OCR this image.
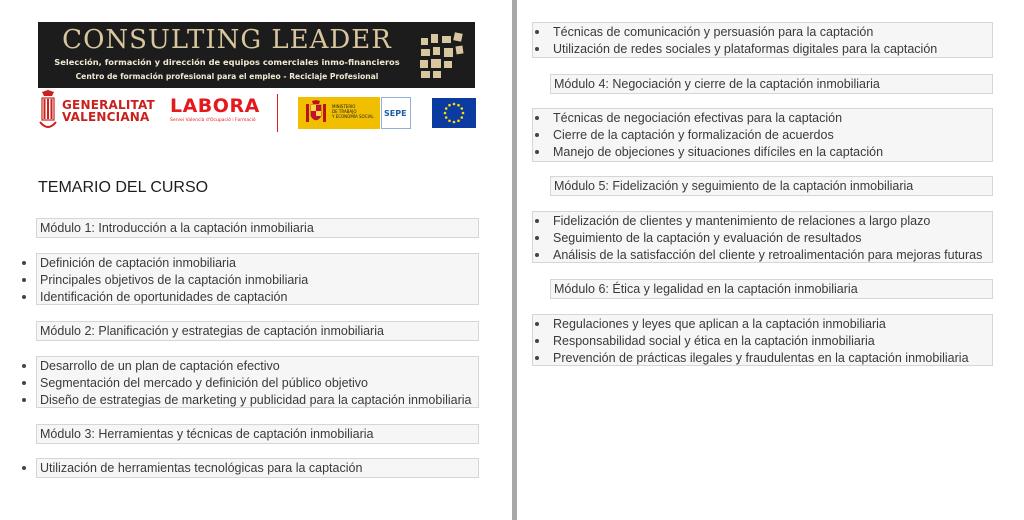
CONSULTING LEADER
Selección, formación y dirección de equipos comerciales inmo-financieros
Centro de formación profesional para el empleo - Reciclaje Profesional
GENERALITAT
VALENCIANA LABORA
Servei Valencià d'Ocupació i Formació
MINISTERIO
DE TRABAJO
Y ECONOMÍA SOCIAL SEPE
TEMARIO DEL CURSO
Módulo 1: Introducción a la captación inmobiliaria
Definición de captación inmobiliaria
Principales objetivos de la captación inmobiliaria
Identificación de oportunidades de captación
Módulo 2: Planificación y estrategias de captación inmobiliaria
Desarrollo de un plan de captación efectivo
Segmentación del mercado y definición del público objetivo
Diseño de estrategias de marketing y publicidad para la captación inmobiliaria
Módulo 3: Herramientas y técnicas de captación inmobiliaria
Utilización de herramientas tecnológicas para la captación
Técnicas de comunicación y persuasión para la captación
Utilización de redes sociales y plataformas digitales para la captación
Módulo 4: Negociación y cierre de la captación inmobiliaria
Técnicas de negociación efectivas para la captación
Cierre de la captación y formalización de acuerdos
Manejo de objeciones y situaciones difíciles en la captación
Módulo 5: Fidelización y seguimiento de la captación inmobiliaria
Fidelización de clientes y mantenimiento de relaciones a largo plazo
Seguimiento de la captación y evaluación de resultados
Análisis de la satisfacción del cliente y retroalimentación para mejoras futuras
Módulo 6: Ética y legalidad en la captación inmobiliaria
Regulaciones y leyes que aplican a la captación inmobiliaria
Responsabilidad social y ética en la captación inmobiliaria
Prevención de prácticas ilegales y fraudulentas en la captación inmobiliaria
